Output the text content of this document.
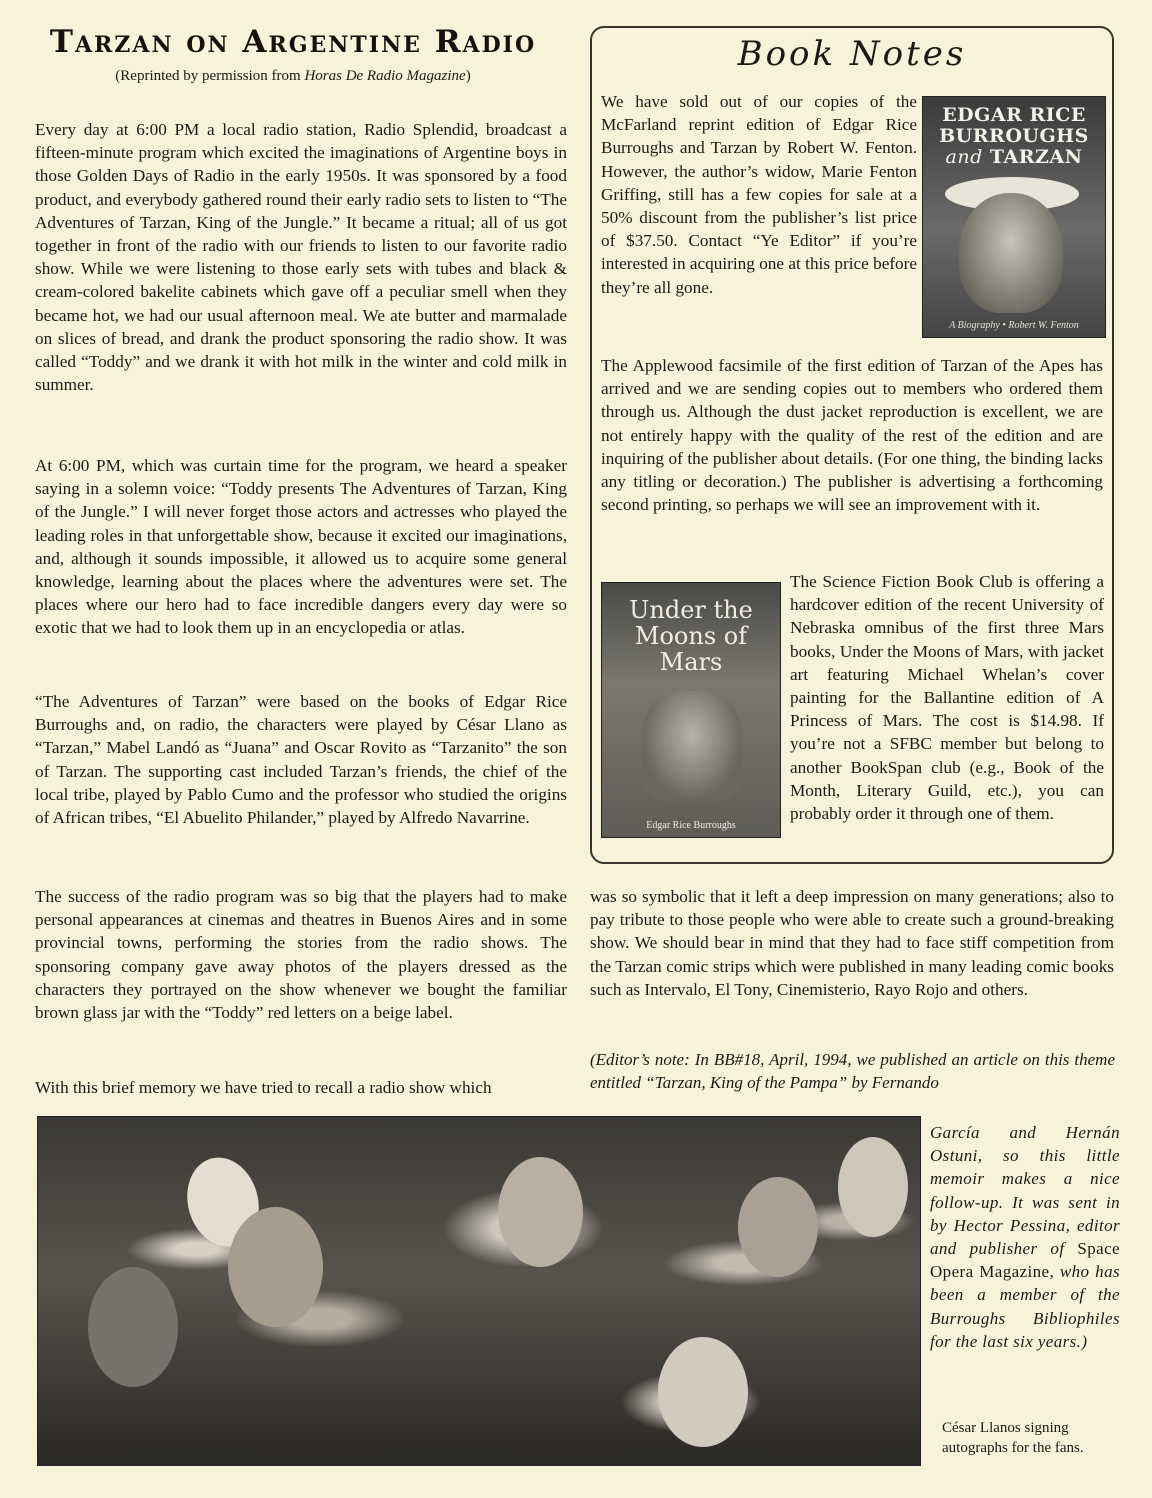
Tarzan on Argentine Radio
(Reprinted by permission from Horas De Radio Magazine)

Every day at 6:00 PM a local radio station, Radio Splendid, broadcast a fifteen-minute program which excited the imaginations of Argentine boys in those Golden Days of Radio in the early 1950s. It was sponsored by a food product, and everybody gathered round their early radio sets to listen to “The Adventures of Tarzan, King of the Jungle.” It became a ritual; all of us got together in front of the radio with our friends to listen to our favorite radio show. While we were listening to those early sets with tubes and black & cream-colored bakelite cabinets which gave off a peculiar smell when they became hot, we had our usual afternoon meal. We ate butter and marmalade on slices of bread, and drank the product sponsoring the radio show. It was called “Toddy” and we drank it with hot milk in the winter and cold milk in summer.

At 6:00 PM, which was curtain time for the program, we heard a speaker saying in a solemn voice: “Toddy presents The Adventures of Tarzan, King of the Jungle.” I will never forget those actors and actresses who played the leading roles in that unforgettable show, because it excited our imaginations, and, although it sounds impossible, it allowed us to acquire some general knowledge, learning about the places where the adventures were set. The places where our hero had to face incredible dangers every day were so exotic that we had to look them up in an encyclopedia or atlas.

“The Adventures of Tarzan” were based on the books of Edgar Rice Burroughs and, on radio, the characters were played by César Llano as “Tarzan,” Mabel Landó as “Juana” and Oscar Rovito as “Tarzanito” the son of Tarzan. The supporting cast included Tarzan’s friends, the chief of the local tribe, played by Pablo Cumo and the professor who studied the origins of African tribes, “El Abuelito Philander,” played by Alfredo Navarrine.

The success of the radio program was so big that the players had to make personal appearances at cinemas and theatres in Buenos Aires and in some provincial towns, performing the stories from the radio shows. The sponsoring company gave away photos of the players dressed as the characters they portrayed on the show whenever we bought the familiar brown glass jar with the “Toddy” red letters on a beige label.

With this brief memory we have tried to recall a radio show which

Book Notes

We have sold out of our copies of the McFarland reprint edition of Edgar Rice Burroughs and Tarzan by Robert W. Fenton. However, the author’s widow, Marie Fenton Griffing, still has a few copies for sale at a 50% discount from the publisher’s list price of $37.50. Contact “Ye Editor” if you’re interested in acquiring one at this price before they’re all gone.

EDGAR RICE
BURROUGHS
and TARZAN
A Biography • Robert W. Fenton

The Applewood facsimile of the first edition of Tarzan of the Apes has arrived and we are sending copies out to members who ordered them through us. Although the dust jacket reproduction is excellent, we are not entirely happy with the quality of the rest of the edition and are inquiring of the publisher about details. (For one thing, the binding lacks any titling or decoration.) The publisher is advertising a forthcoming second printing, so perhaps we will see an improvement with it.

Under the
Moons of Mars
Edgar Rice Burroughs

The Science Fiction Book Club is offering a hardcover edition of the recent University of Nebraska omnibus of the first three Mars books, Under the Moons of Mars, with jacket art featuring Michael Whelan’s cover painting for the Ballantine edition of A Princess of Mars. The cost is $14.98. If you’re not a SFBC member but belong to another BookSpan club (e.g., Book of the Month, Literary Guild, etc.), you can probably order it through one of them.

was so symbolic that it left a deep impression on many generations; also to pay tribute to those people who were able to create such a ground-breaking show. We should bear in mind that they had to face stiff competition from the Tarzan comic strips which were published in many leading comic books such as Intervalo, El Tony, Cinemisterio, Rayo Rojo and others.

(Editor’s note: In BB#18, April, 1994, we published an article on this theme entitled “Tarzan, King of the Pampa” by Fernando

García and Hernán Ostuni, so this little memoir makes a nice follow-up. It was sent in by Hector Pessina, editor and publisher of Space Opera Magazine, who has been a member of the Burroughs Bibliophiles for the last six years.)

César Llanos signing autographs for the fans.
